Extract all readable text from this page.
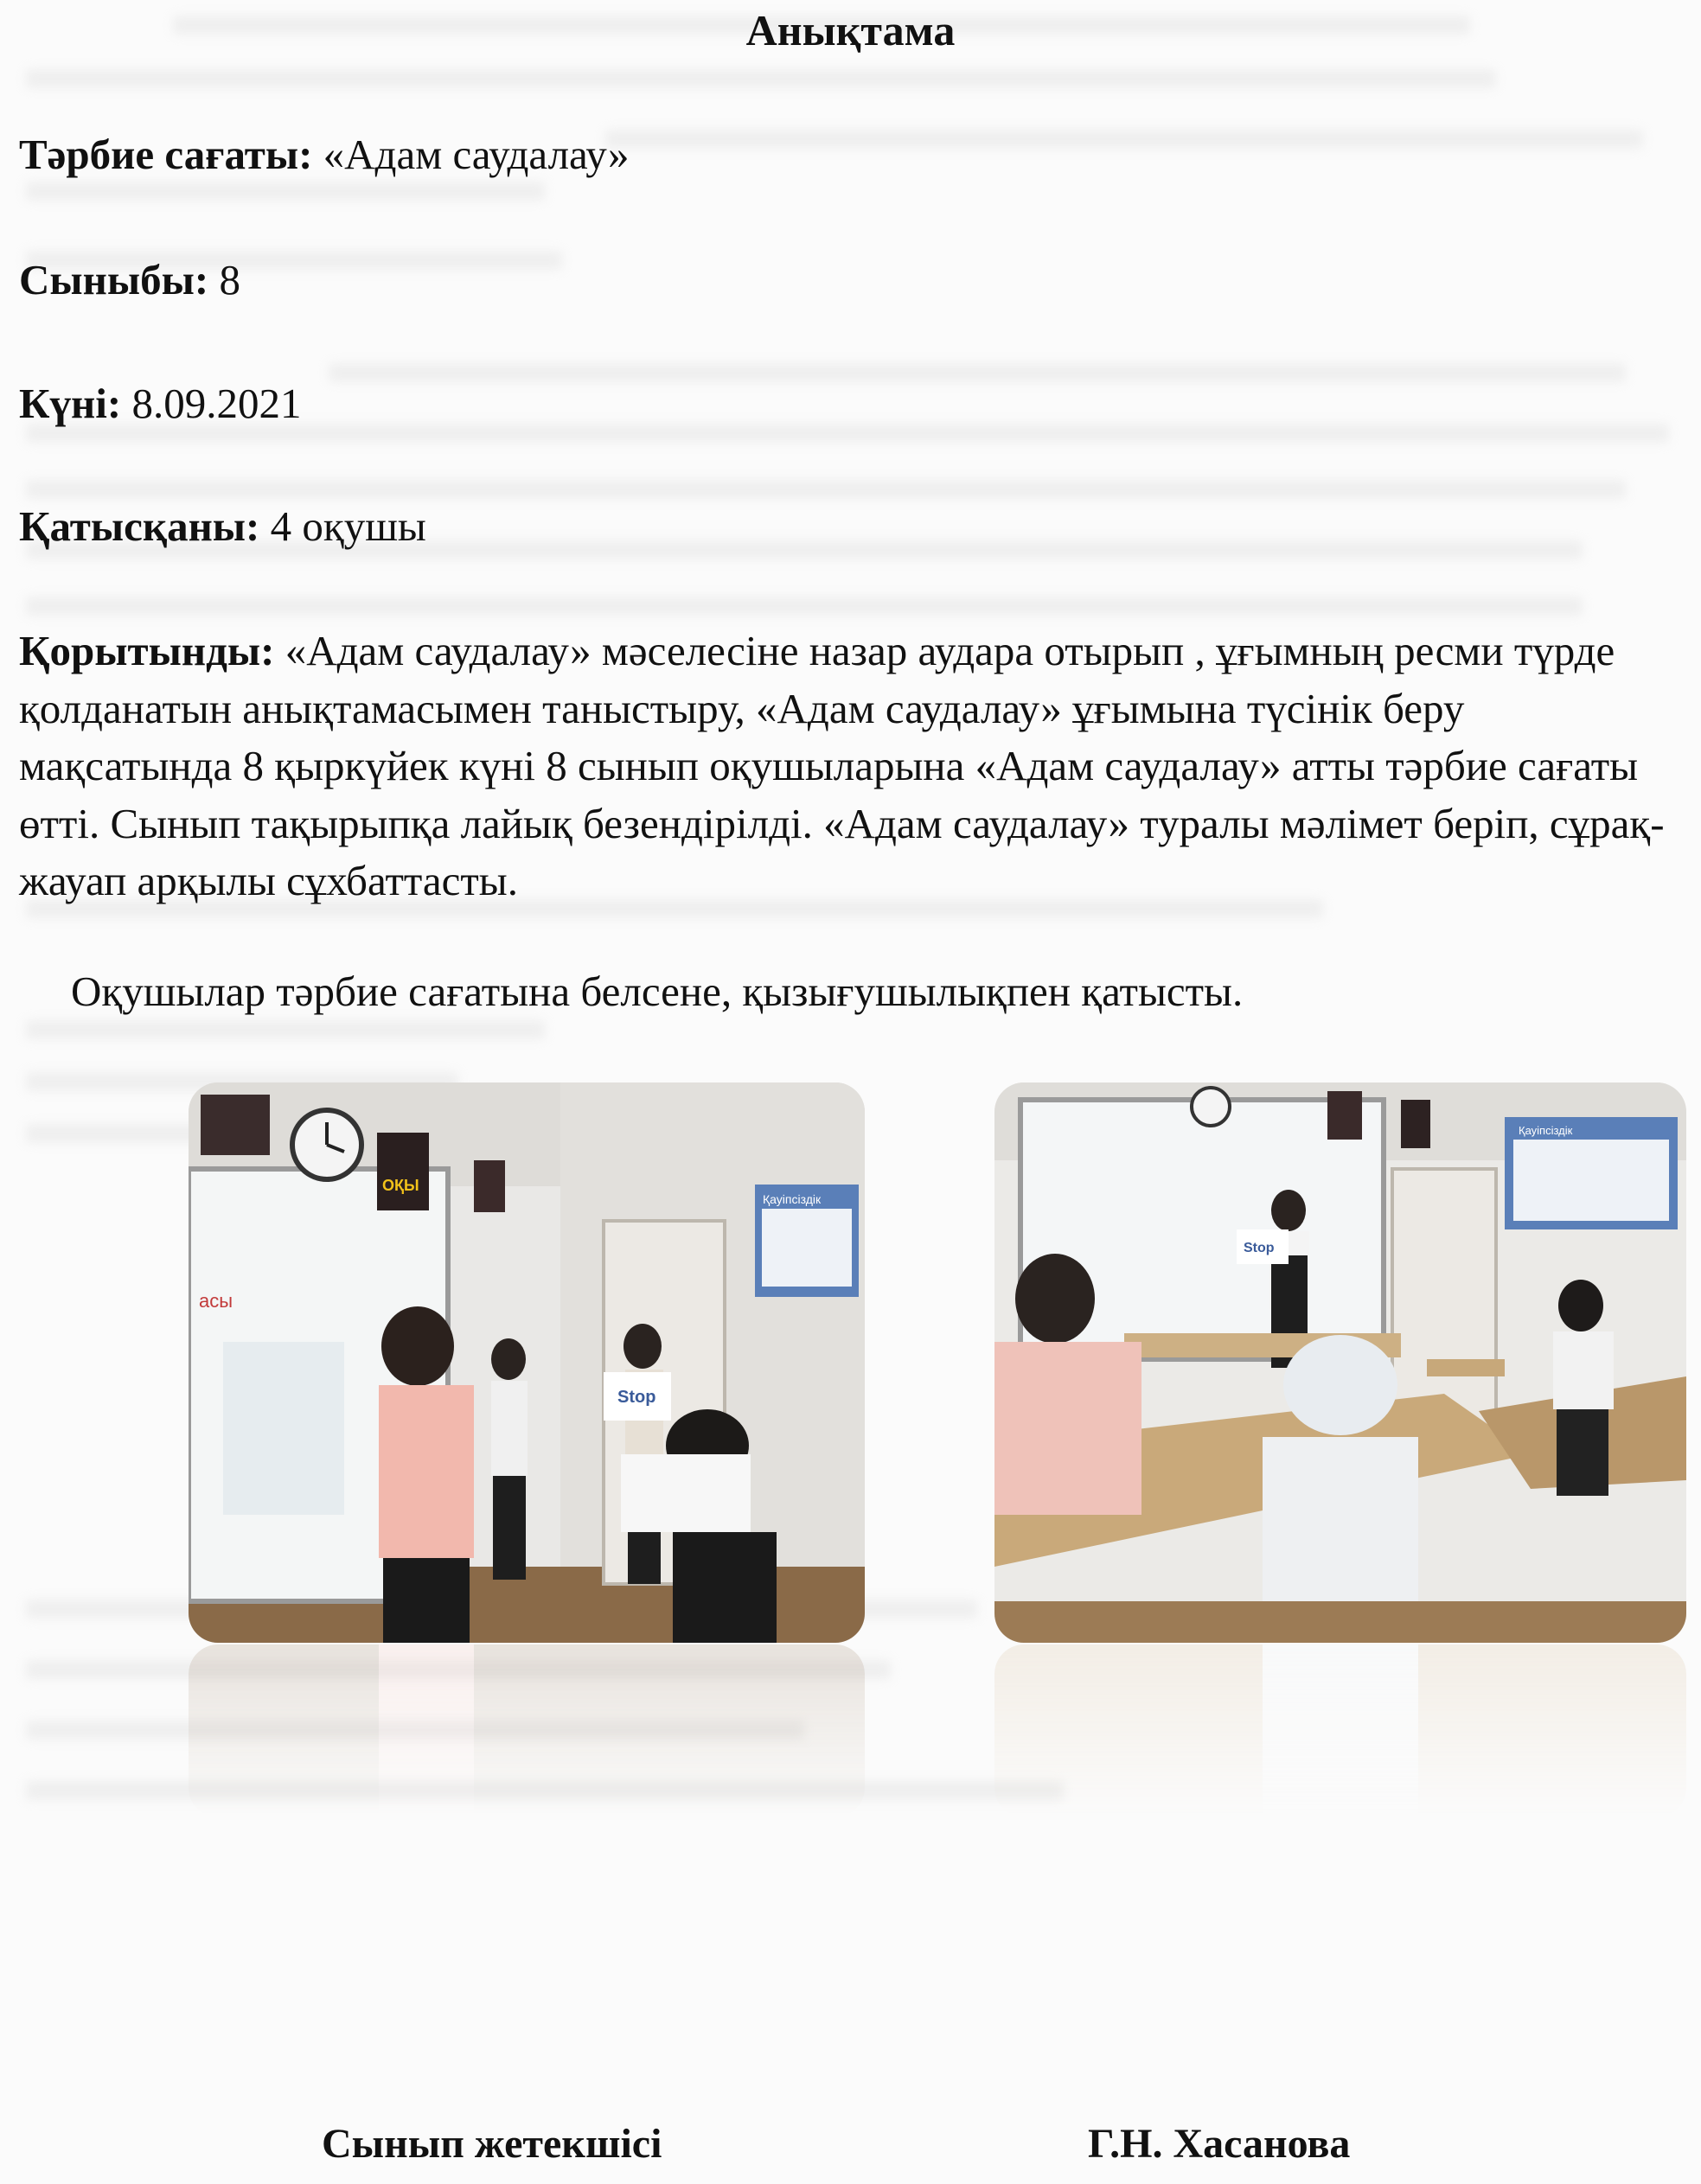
Анықтама
Тәрбие сағаты: «Адам саудалау»
Сыныбы: 8
Күні: 8.09.2021
Қатысқаны: 4 оқушы
Қорытынды: «Адам саудалау» мәселесіне назар аудара отырып , ұғымның ресми түрде қолданатын анықтамасымен таныстыру, «Адам саудалау» ұғымына түсінік беру мақсатында 8 қыркүйек күні 8 сынып оқушыларына «Адам саудалау» атты тәрбие сағаты өтті. Сынып тақырыпқа лайық безендірілді. «Адам саудалау» туралы мәлімет беріп, сұрақ-жауап арқылы сұхбаттасты.
Оқушылар тәрбие сағатына белсене, қызығушылықпен қатысты.
асы
ОҚЫ
Қауіпсіздік
Stop
Қауіпсіздік
Stop
Сынып жетекшісі	Г.Н. Хасанова
